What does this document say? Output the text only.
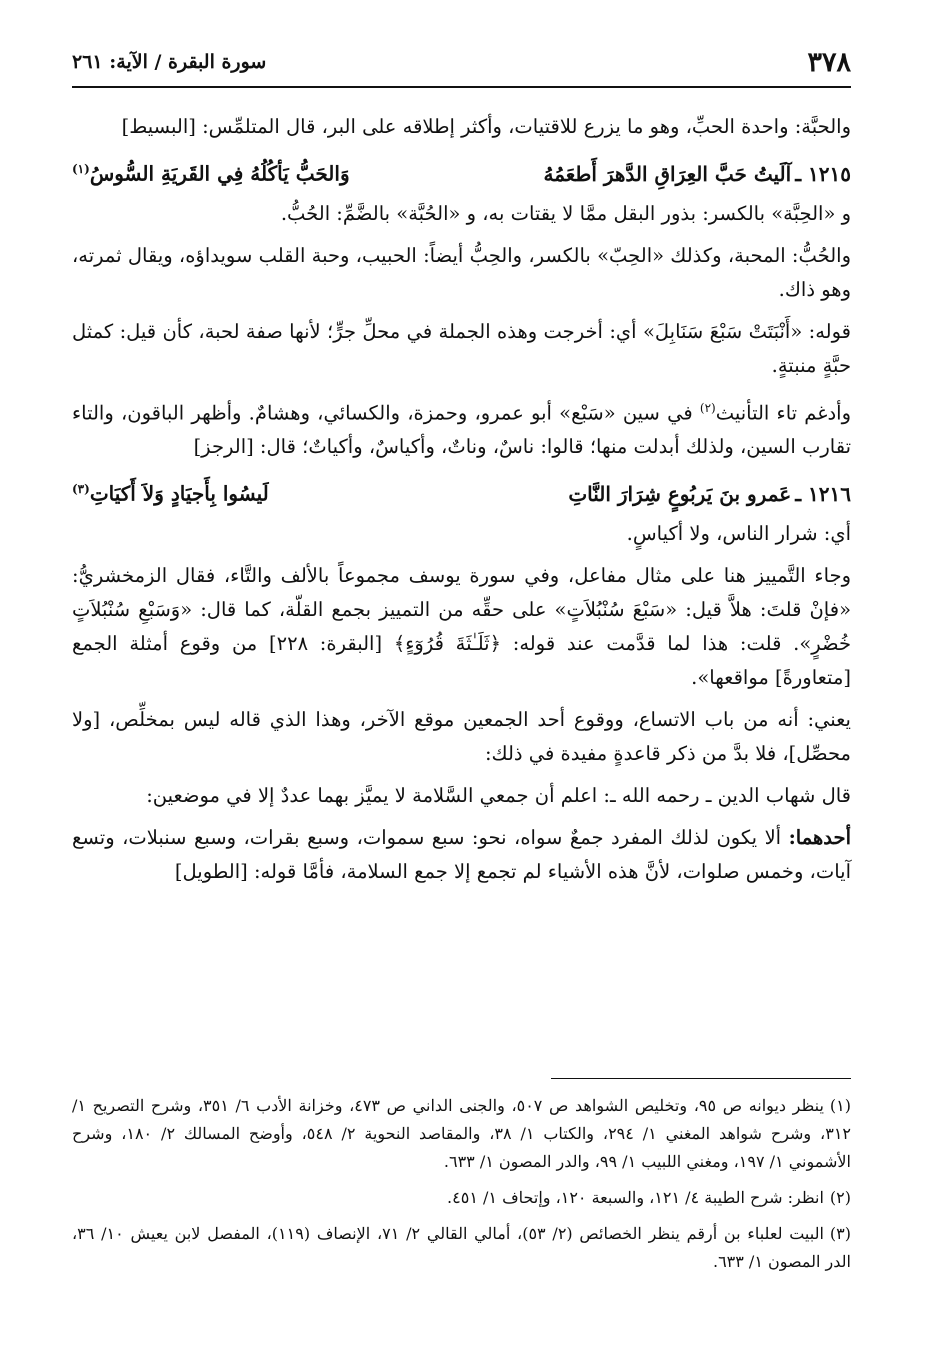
٣٧٨
سورة البقرة / الآية: ٢٦١

والحبَّة: واحدة الحبِّ، وهو ما يزرع للاقتيات، وأكثر إطلاقه على البر، قال المتلمِّس: [البسيط]

١٢١٥ ـ
آلَيتُ حَبَّ العِرَاقِ الدَّهرَ أَطعَمُهُ
وَالحَبُّ يَأكُلُهُ فِي القَريَةِ السُّوسُ$^{(١)}$

و «الحِبَّة» بالكسر: بذور البقل ممَّا لا يقتات به، و «الحُبَّة» بالضَّمِّ: الحُبُّ.

والحُبُّ: المحبة، وكذلك «الحِبّ» بالكسر، والحِبُّ أيضاً: الحبيب، وحبة القلب سويداؤه، ويقال ثمرته، وهو ذاك.

قوله: «أَنْبَتَتْ سَبْعَ سَنَابِلَ» أي: أخرجت وهذه الجملة في محلِّ جرٍّ؛ لأنها صفة لحبة، كأن قيل: كمثل حبَّةٍ منبتةٍ.

وأدغم تاء التأنيث$^{(٢)}$ في سين «سَبْع» أبو عمرو، وحمزة، والكسائي، وهشامٌ. وأظهر الباقون، والتاء تقارب السين، ولذلك أبدلت منها؛ قالوا: ناسٌ، وناتٌ، وأكياسٌ، وأكياتٌ؛ قال: [الرجز]

١٢١٦ ـ
عَمرو بنَ يَربُوعٍ شِرَارَ النَّاتِ
لَيسُوا بِأَجيَادٍ وَلاَ أَكيَاتِ$^{(٣)}$

أي: شرار الناس، ولا أكياسٍ.

وجاء التَّمييز هنا على مثال مفاعل، وفي سورة يوسف مجموعاً بالألف والتَّاء، فقال الزمخشريُّ: «فإنْ قلتَ: هلاَّ قيل: «سَبْعَ سُنْبُلاَتٍ» على حقِّه من التمييز بجمع القلّة، كما قال: «وَسَبْعِ سُنْبُلاَتٍ خُضْرٍ». قلت: هذا لما قدَّمت عند قوله: ﴿ثَلَـٰثَةَ قُرُوٓءٍ﴾ [البقرة: ٢٢٨] من وقوع أمثلة الجمع [متعاورةً] مواقعها».

يعني: أنه من باب الاتساع، ووقوع أحد الجمعين موقع الآخر، وهذا الذي قاله ليس بمخلِّص، [ولا محصِّل]، فلا بدَّ من ذكر قاعدةٍ مفيدة في ذلك:

قال شهاب الدين ـ رحمه الله ـ: اعلم أن جمعي السَّلامة لا يميَّز بهما عددٌ إلا في موضعين:

أحدهما: ألا يكون لذلك المفرد جمعٌ سواه، نحو: سبع سموات، وسبع بقرات، وسبع سنبلات، وتسع آيات، وخمس صلوات، لأنَّ هذه الأشياء لم تجمع إلا جمع السلامة، فأمَّا قوله: [الطويل]

(١)ينظر ديوانه ص ٩٥، وتخليص الشواهد ص ٥٠٧، والجنى الداني ص ٤٧٣، وخزانة الأدب ٦/ ٣٥١، وشرح التصريح ١/ ٣١٢، وشرح شواهد المغني ١/ ٢٩٤، والكتاب ١/ ٣٨، والمقاصد النحوية ٢/ ٥٤٨، وأوضح المسالك ٢/ ١٨٠، وشرح الأشموني ١/ ١٩٧، ومغني اللبيب ١/ ٩٩، والدر المصون ١/ ٦٣٣.

(٢)انظر: شرح الطيبة ٤/ ١٢١، والسبعة ١٢٠، وإتحاف ١/ ٤٥١.

(٣)البيت لعلباء بن أرقم ينظر الخصائص (٢/ ٥٣)، أمالي القالي ٢/ ٧١، الإنصاف (١١٩)، المفصل لابن يعيش ١٠/ ٣٦، الدر المصون ١/ ٦٣٣.
